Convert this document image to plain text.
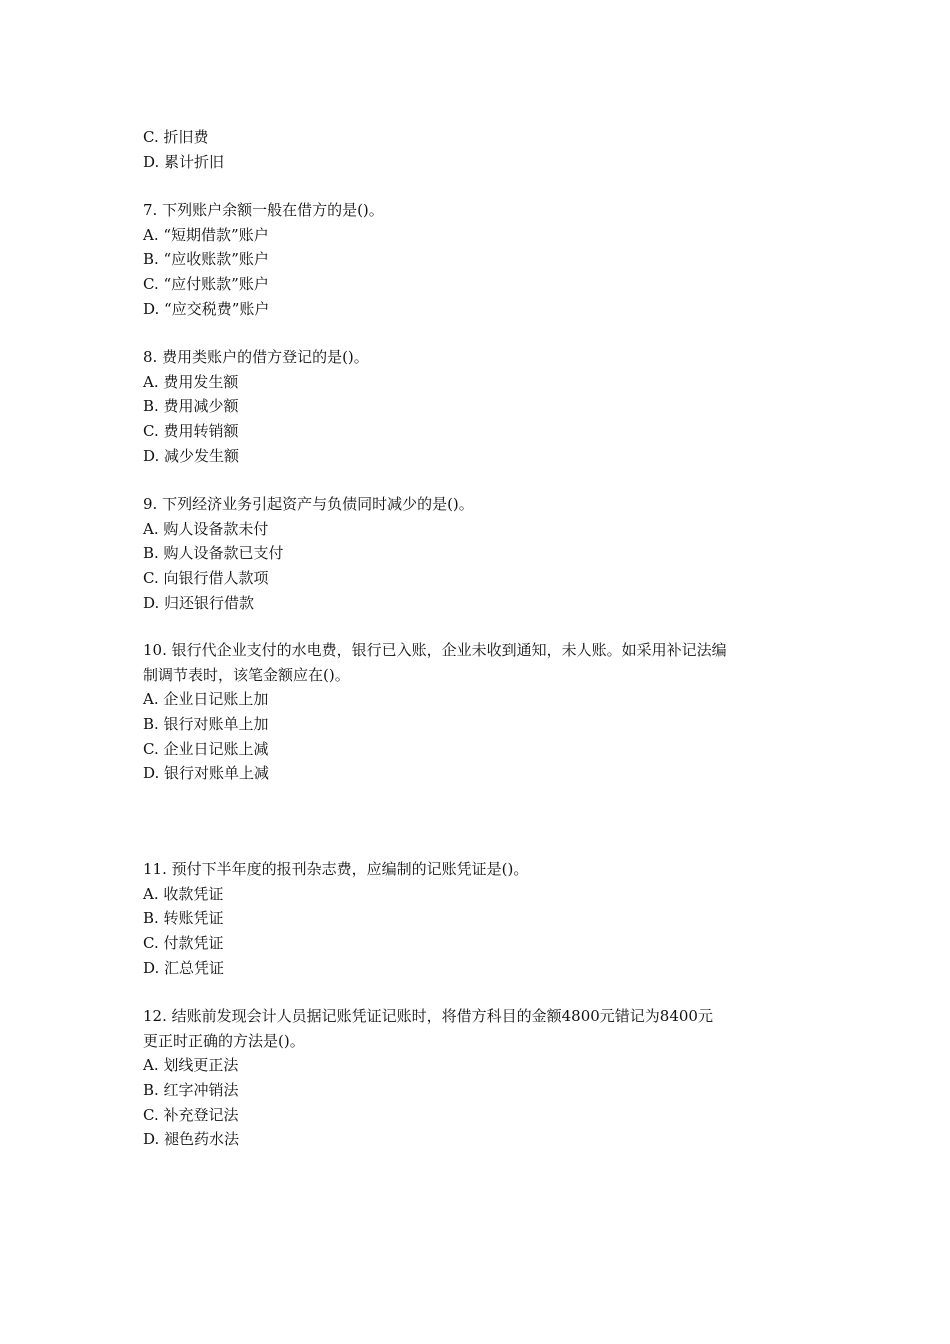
C. 折旧费
D. 累计折旧
7. 下列账户余额一般在借方的是()。
A. “短期借款”账户
B. “应收账款”账户
C. “应付账款”账户
D. “应交税费”账户
8. 费用类账户的借方登记的是()。
A. 费用发生额
B. 费用减少额
C. 费用转销额
D. 减少发生额
9. 下列经济业务引起资产与负债同时减少的是()。
A. 购人设备款未付
B. 购人设备款已支付
C. 向银行借人款项
D. 归还银行借款
10. 银行代企业支付的水电费，银行已入账，企业未收到通知，未人账。如采用补记法编
制调节表时，该笔金额应在()。
A. 企业日记账上加
B. 银行对账单上加
C. 企业日记账上减
D. 银行对账单上减
11. 预付下半年度的报刊杂志费，应编制的记账凭证是()。
A. 收款凭证
B. 转账凭证
C. 付款凭证
D. 汇总凭证
12. 结账前发现会计人员据记账凭证记账时，将借方科目的金额4800元错记为8400元
更正时正确的方法是()。
A. 划线更正法
B. 红字冲销法
C. 补充登记法
D. 褪色药水法
